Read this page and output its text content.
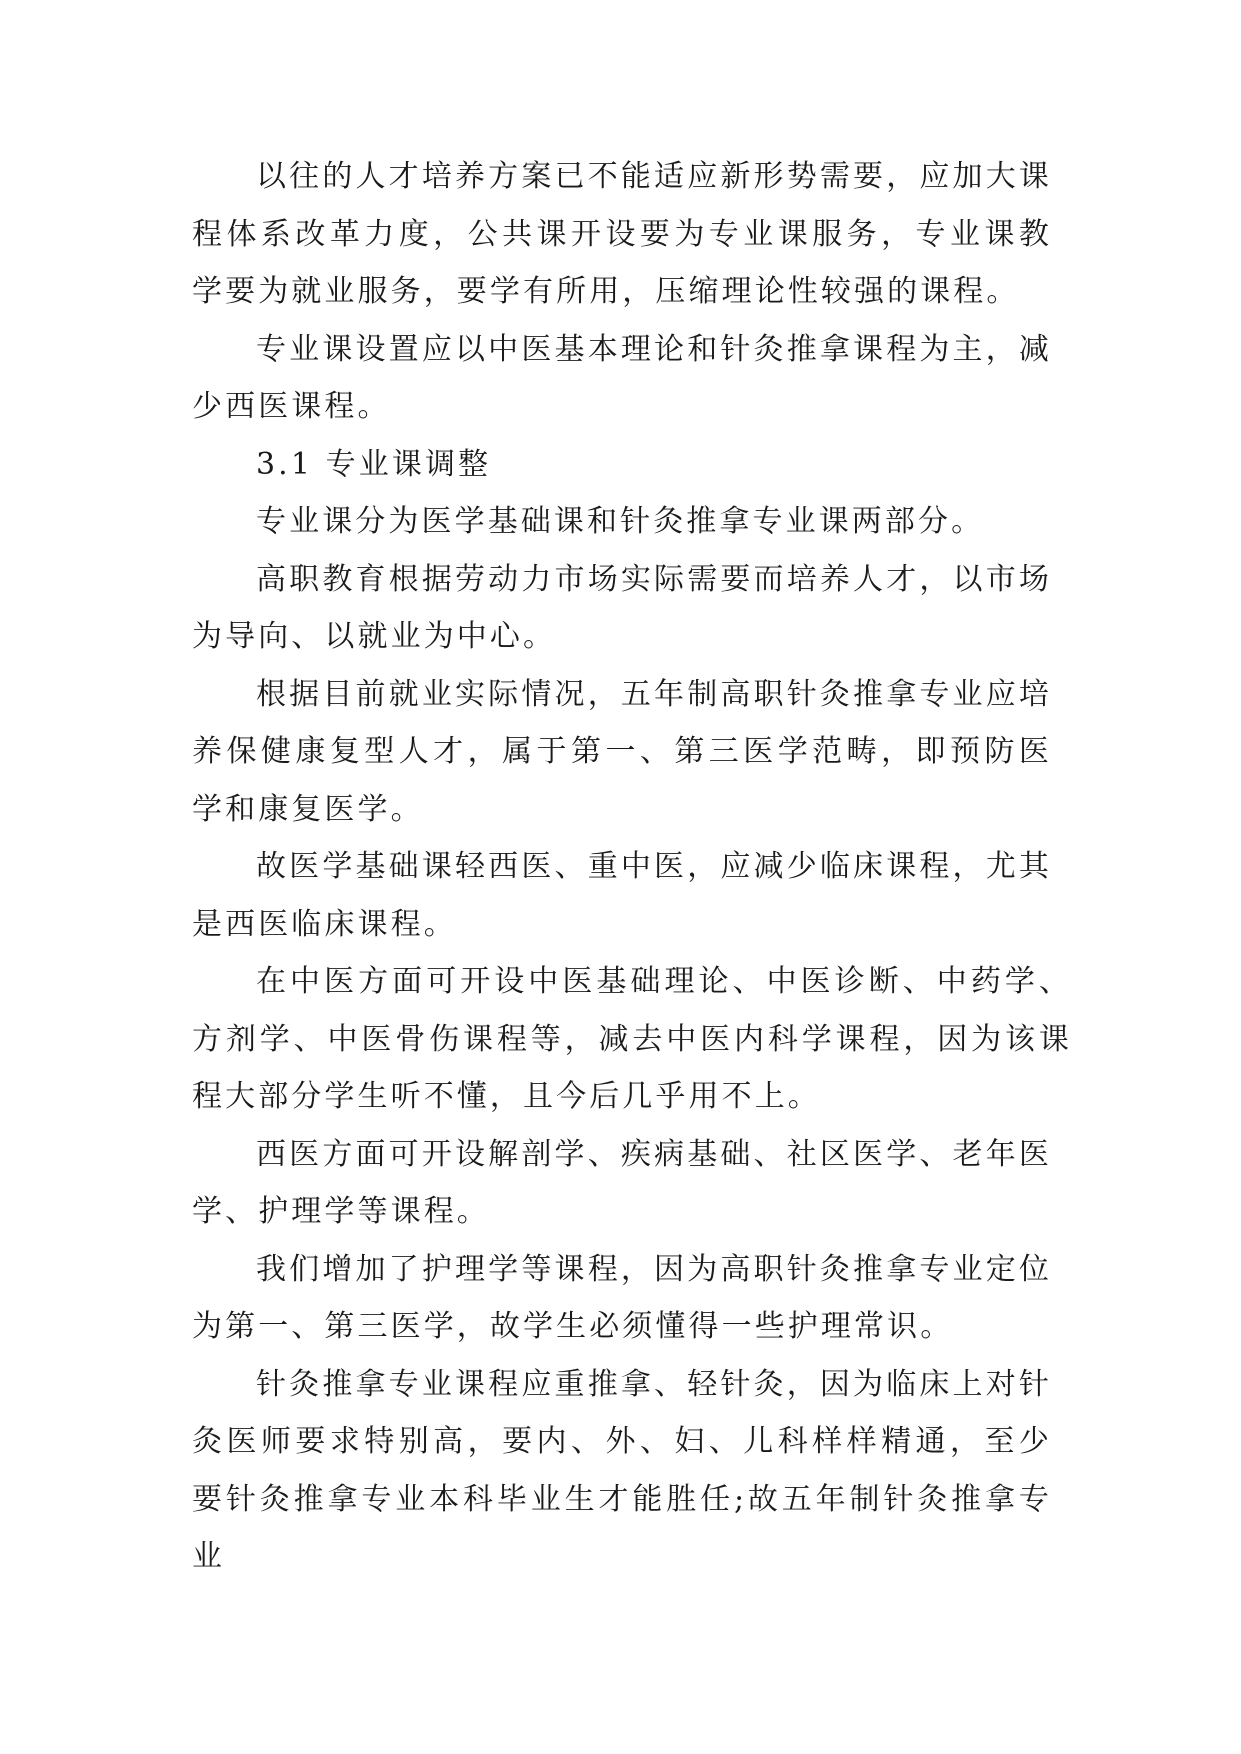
以往的人才培养方案已不能适应新形势需要，应加大课程体系改革力度，公共课开设要为专业课服务，专业课教学要为就业服务，要学有所用，压缩理论性较强的课程。

专业课设置应以中医基本理论和针灸推拿课程为主，减少西医课程。

3.1 专业课调整

专业课分为医学基础课和针灸推拿专业课两部分。

高职教育根据劳动力市场实际需要而培养人才，以市场为导向、以就业为中心。

根据目前就业实际情况，五年制高职针灸推拿专业应培养保健康复型人才，属于第一、第三医学范畴，即预防医学和康复医学。

故医学基础课轻西医、重中医，应减少临床课程，尤其是西医临床课程。

在中医方面可开设中医基础理论、中医诊断、中药学、方剂学、中医骨伤课程等，减去中医内科学课程，因为该课程大部分学生听不懂，且今后几乎用不上。

西医方面可开设解剖学、疾病基础、社区医学、老年医学、护理学等课程。

我们增加了护理学等课程，因为高职针灸推拿专业定位为第一、第三医学，故学生必须懂得一些护理常识。

针灸推拿专业课程应重推拿、轻针灸，因为临床上对针灸医师要求特别高，要内、外、妇、儿科样样精通，至少要针灸推拿专业本科毕业生才能胜任;故五年制针灸推拿专业
